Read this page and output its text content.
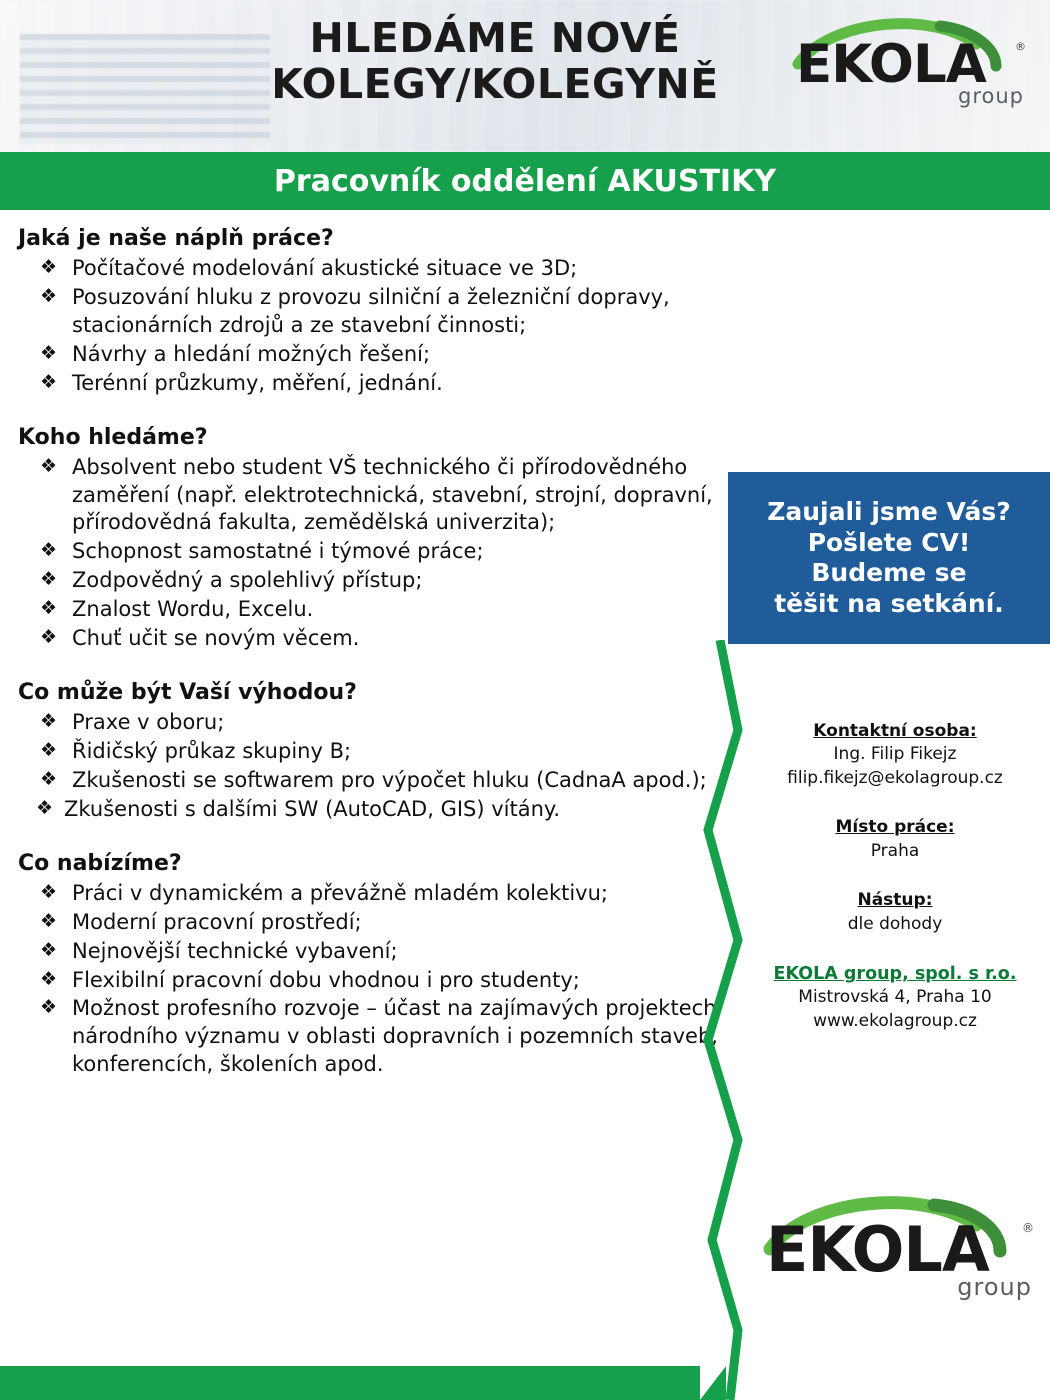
HLEDÁME NOVÉ
KOLEGY/KOLEGYNĚ	EKOLA	®
group
Pracovník oddělení AKUSTIKY

Jaká je naše náplň práce?

❖ Počítačové modelování akustické situace ve 3D;
❖ Posuzování hluku z provozu silniční a železniční dopravy, stacionárních zdrojů a ze stavební činnosti;
❖ Návrhy a hledání možných řešení;
❖ Terénní průzkumy, měření, jednání.

Koho hledáme?

❖ Absolvent nebo student VŠ technického či přírodovědného zaměření (např. elektrotechnická, stavební, strojní, dopravní, přírodovědná fakulta, zemědělská univerzita);
❖ Schopnost samostatné i týmové práce;
❖ Zodpovědný a spolehlivý přístup;
❖ Znalost Wordu, Excelu.
❖ Chuť učit se novým věcem.

Co může být Vaší výhodou?

❖ Praxe v oboru;
❖ Řidičský průkaz skupiny B;
❖ Zkušenosti se softwarem pro výpočet hluku (CadnaA apod.);
❖ Zkušenosti s dalšími SW (AutoCAD, GIS) vítány.

Co nabízíme?

❖ Práci v dynamickém a převážně mladém kolektivu;
❖ Moderní pracovní prostředí;
❖ Nejnovější technické vybavení;
❖ Flexibilní pracovní dobu vhodnou i pro studenty;
❖ Možnost profesního rozvoje – účast na zajímavých projektech národního významu v oblasti dopravních i pozemních staveb, konferencích, školeních apod.
Zaujali jsme Vás?
Pošlete CV!
Budeme se
těšit na setkání.
Kontaktní osoba:
Ing. Filip Fikejz
filip.fikejz@ekolagroup.cz
Místo práce:
Praha
Nástup:
dle dohody
EKOLA group, spol. s r.o.
Mistrovská 4, Praha 10
www.ekolagroup.cz
EKOLA	®
group
